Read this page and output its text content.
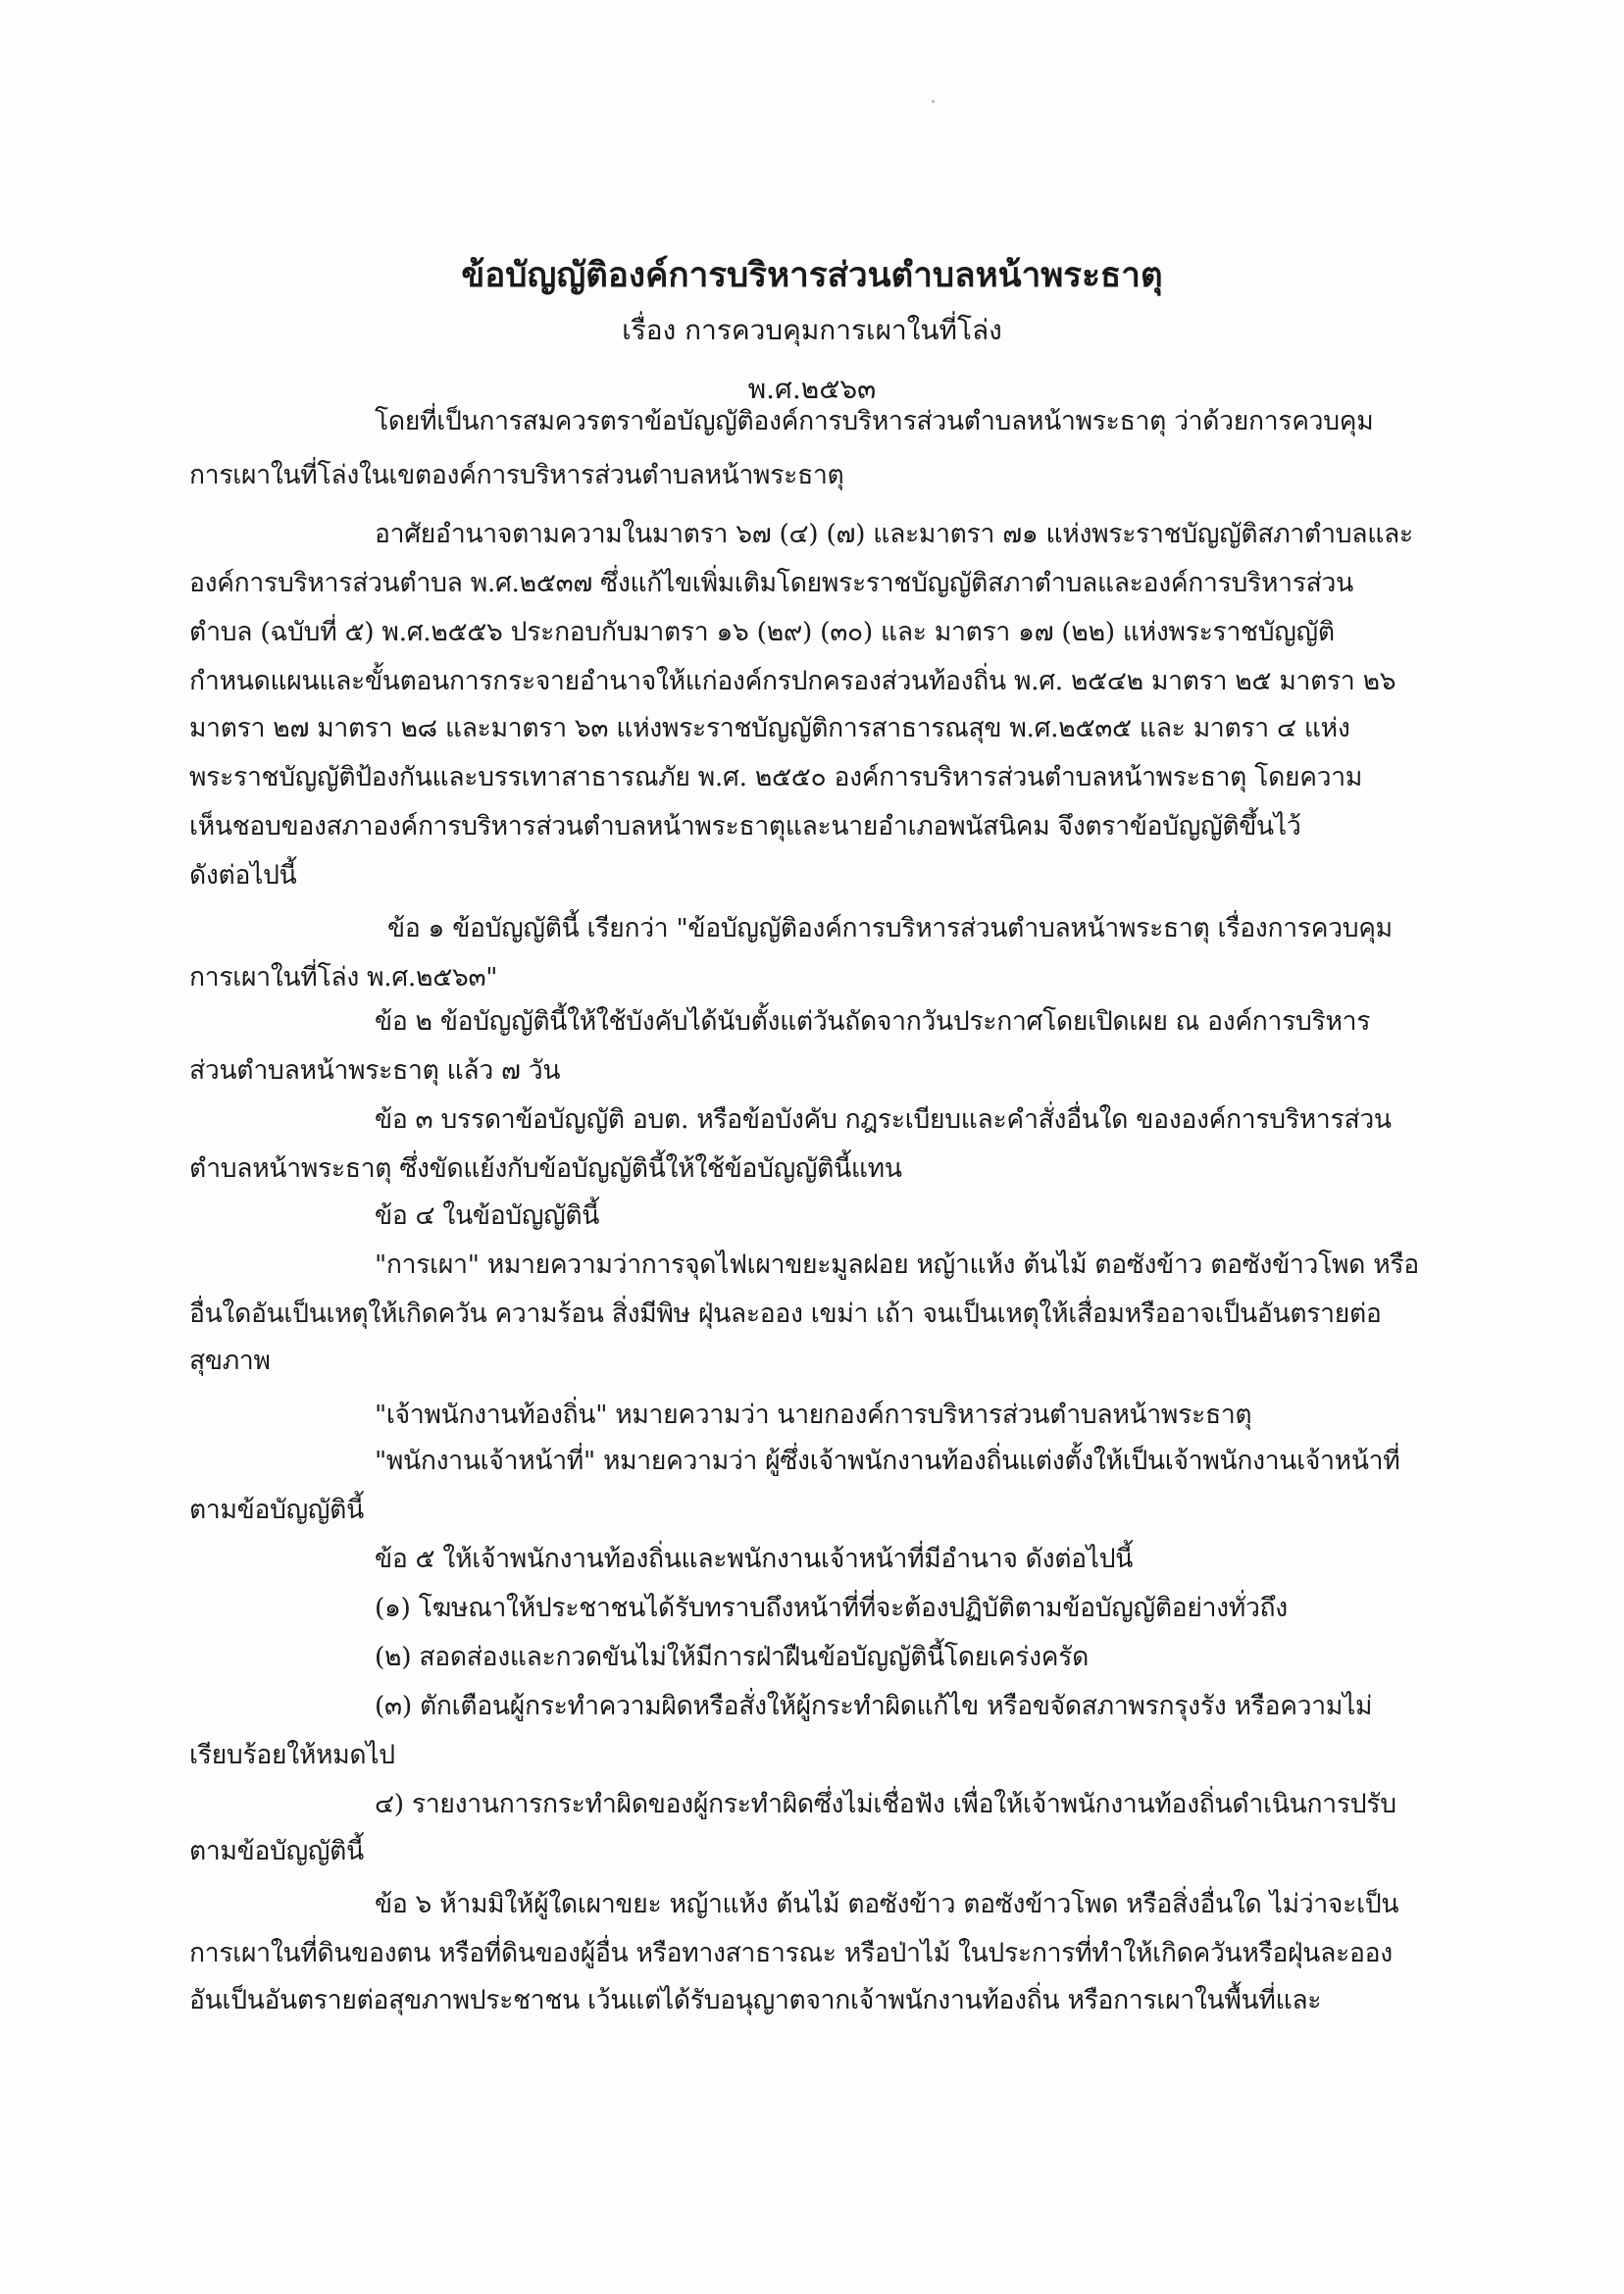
ข้อบัญญัติองค์การบริหารส่วนตำบลหน้าพระธาตุ
เรื่อง การควบคุมการเผาในที่โล่ง
พ.ศ.๒๕๖๓
โดยที่เป็นการสมควรตราข้อบัญญัติองค์การบริหารส่วนตำบลหน้าพระธาตุ ว่าด้วยการควบคุม
การเผาในที่โล่งในเขตองค์การบริหารส่วนตำบลหน้าพระธาตุ
อาศัยอำนาจตามความในมาตรา ๖๗ (๔) (๗) และมาตรา ๗๑ แห่งพระราชบัญญัติสภาตำบลและ
องค์การบริหารส่วนตำบล พ.ศ.๒๕๓๗ ซึ่งแก้ไขเพิ่มเติมโดยพระราชบัญญัติสภาตำบลและองค์การบริหารส่วน
ตำบล (ฉบับที่ ๕) พ.ศ.๒๕๕๖ ประกอบกับมาตรา ๑๖ (๒๙) (๓๐) และ มาตรา ๑๗ (๒๒) แห่งพระราชบัญญัติ
กำหนดแผนและขั้นตอนการกระจายอำนาจให้แก่องค์กรปกครองส่วนท้องถิ่น พ.ศ. ๒๕๔๒ มาตรา ๒๕ มาตรา ๒๖
มาตรา ๒๗ มาตรา ๒๘ และมาตรา ๖๓ แห่งพระราชบัญญัติการสาธารณสุข พ.ศ.๒๕๓๕ และ มาตรา ๔ แห่ง
พระราชบัญญัติป้องกันและบรรเทาสาธารณภัย พ.ศ. ๒๕๕๐ องค์การบริหารส่วนตำบลหน้าพระธาตุ โดยความ
เห็นชอบของสภาองค์การบริหารส่วนตำบลหน้าพระธาตุและนายอำเภอพนัสนิคม จึงตราข้อบัญญัติขึ้นไว้
ดังต่อไปนี้
ข้อ ๑ ข้อบัญญัตินี้ เรียกว่า "ข้อบัญญัติองค์การบริหารส่วนตำบลหน้าพระธาตุ เรื่องการควบคุม
การเผาในที่โล่ง พ.ศ.๒๕๖๓"
ข้อ ๒ ข้อบัญญัตินี้ให้ใช้บังคับได้นับตั้งแต่วันถัดจากวันประกาศโดยเปิดเผย ณ องค์การบริหาร
ส่วนตำบลหน้าพระธาตุ แล้ว ๗ วัน
ข้อ ๓ บรรดาข้อบัญญัติ อบต. หรือข้อบังคับ กฎระเบียบและคำสั่งอื่นใด ขององค์การบริหารส่วน
ตำบลหน้าพระธาตุ ซึ่งขัดแย้งกับข้อบัญญัตินี้ให้ใช้ข้อบัญญัตินี้แทน
ข้อ ๔ ในข้อบัญญัตินี้
"การเผา" หมายความว่าการจุดไฟเผาขยะมูลฝอย หญ้าแห้ง ต้นไม้ ตอซังข้าว ตอซังข้าวโพด หรือ
อื่นใดอันเป็นเหตุให้เกิดควัน ความร้อน สิ่งมีพิษ ฝุ่นละออง เขม่า เถ้า จนเป็นเหตุให้เสื่อมหรืออาจเป็นอันตรายต่อ
สุขภาพ
"เจ้าพนักงานท้องถิ่น" หมายความว่า นายกองค์การบริหารส่วนตำบลหน้าพระธาตุ
"พนักงานเจ้าหน้าที่" หมายความว่า ผู้ซึ่งเจ้าพนักงานท้องถิ่นแต่งตั้งให้เป็นเจ้าพนักงานเจ้าหน้าที่
ตามข้อบัญญัตินี้
ข้อ ๕ ให้เจ้าพนักงานท้องถิ่นและพนักงานเจ้าหน้าที่มีอำนาจ ดังต่อไปนี้
(๑) โฆษณาให้ประชาชนได้รับทราบถึงหน้าที่ที่จะต้องปฏิบัติตามข้อบัญญัติอย่างทั่วถึง
(๒) สอดส่องและกวดขันไม่ให้มีการฝ่าฝืนข้อบัญญัตินี้โดยเคร่งครัด
(๓) ตักเตือนผู้กระทำความผิดหรือสั่งให้ผู้กระทำผิดแก้ไข หรือขจัดสภาพรกรุงรัง หรือความไม่
เรียบร้อยให้หมดไป
๔) รายงานการกระทำผิดของผู้กระทำผิดซึ่งไม่เชื่อฟัง เพื่อให้เจ้าพนักงานท้องถิ่นดำเนินการปรับ
ตามข้อบัญญัตินี้
ข้อ ๖ ห้ามมิให้ผู้ใดเผาขยะ หญ้าแห้ง ต้นไม้ ตอซังข้าว ตอซังข้าวโพด หรือสิ่งอื่นใด ไม่ว่าจะเป็น
การเผาในที่ดินของตน หรือที่ดินของผู้อื่น หรือทางสาธารณะ หรือป่าไม้ ในประการที่ทำให้เกิดควันหรือฝุ่นละออง
อันเป็นอันตรายต่อสุขภาพประชาชน เว้นแต่ได้รับอนุญาตจากเจ้าพนักงานท้องถิ่น หรือการเผาในพื้นที่และ
